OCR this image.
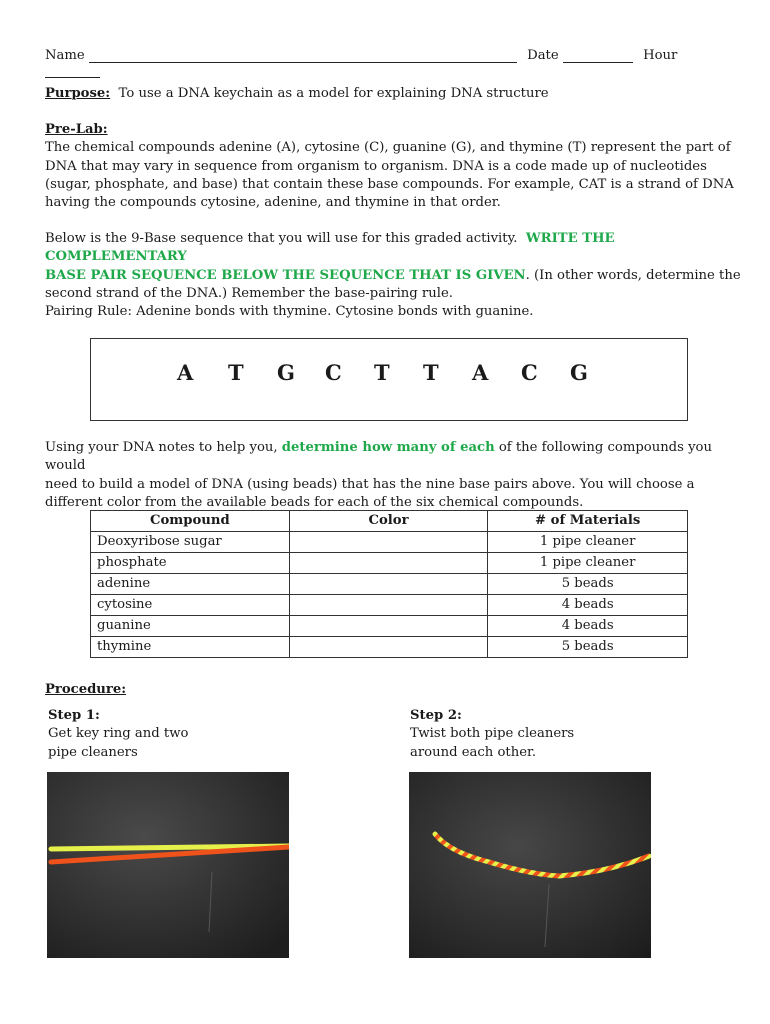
Name	Date	Hour

Purpose: To use a DNA keychain as a model for explaining DNA structure

Pre-Lab:

The chemical compounds adenine (A), cytosine (C), guanine (G), and thymine (T) represent the part of

DNA that may vary in sequence from organism to organism. DNA is a code made up of nucleotides

(sugar, phosphate, and base) that contain these base compounds. For example, CAT is a strand of DNA

having the compounds cytosine, adenine, and thymine in that order.

Below is the 9-Base sequence that you will use for this graded activity. WRITE THE COMPLEMENTARY

BASE PAIR SEQUENCE BELOW THE SEQUENCE THAT IS GIVEN. (In other words, determine the

second strand of the DNA.) Remember the base-pairing rule.

Pairing Rule: Adenine bonds with thymine. Cytosine bonds with guanine.

A T G C T T A C G

Using your DNA notes to help you, determine how many of each of the following compounds you would

need to build a model of DNA (using beads) that has the nine base pairs above. You will choose a

different color from the available beads for each of the six chemical compounds.

Compound	Color	# of Materials
Deoxyribose sugar		1 pipe cleaner
phosphate		1 pipe cleaner
adenine		5 beads
cytosine		4 beads
guanine		4 beads
thymine		5 beads

Procedure:

Step 1:

Get key ring and two

pipe cleaners

Step 2:

Twist both pipe cleaners

around each other.
